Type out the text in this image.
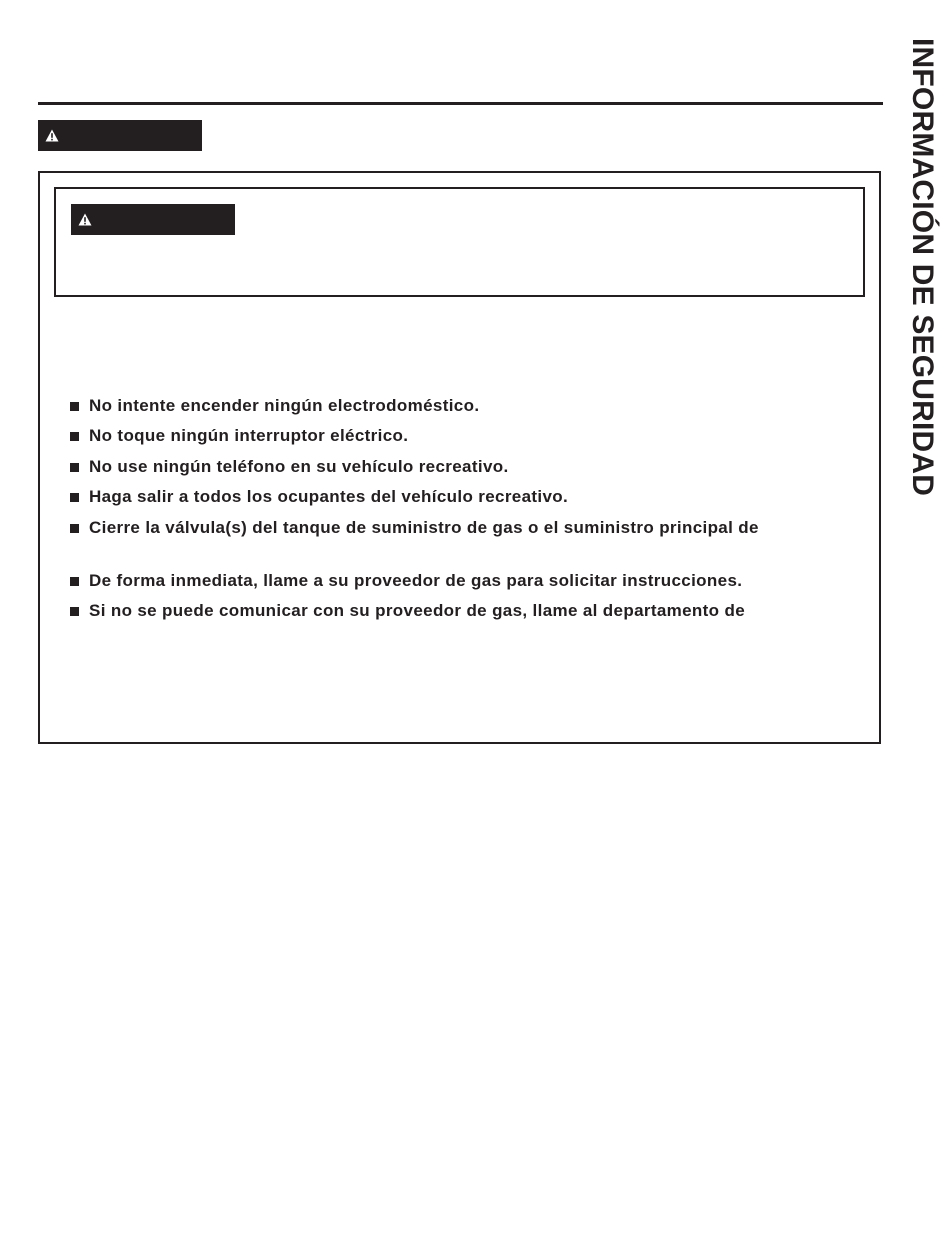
INFORMACIÓN DE SEGURIDAD
No intente encender ningún electrodoméstico.
No toque ningún interruptor eléctrico.
No use ningún teléfono en su vehículo recreativo.
Haga salir a todos los ocupantes del vehículo recreativo.
Cierre la válvula(s) del tanque de suministro de gas o el suministro principal de
De forma inmediata, llame a su proveedor de gas para solicitar instrucciones.
Si no se puede comunicar con su proveedor de gas, llame al departamento de
